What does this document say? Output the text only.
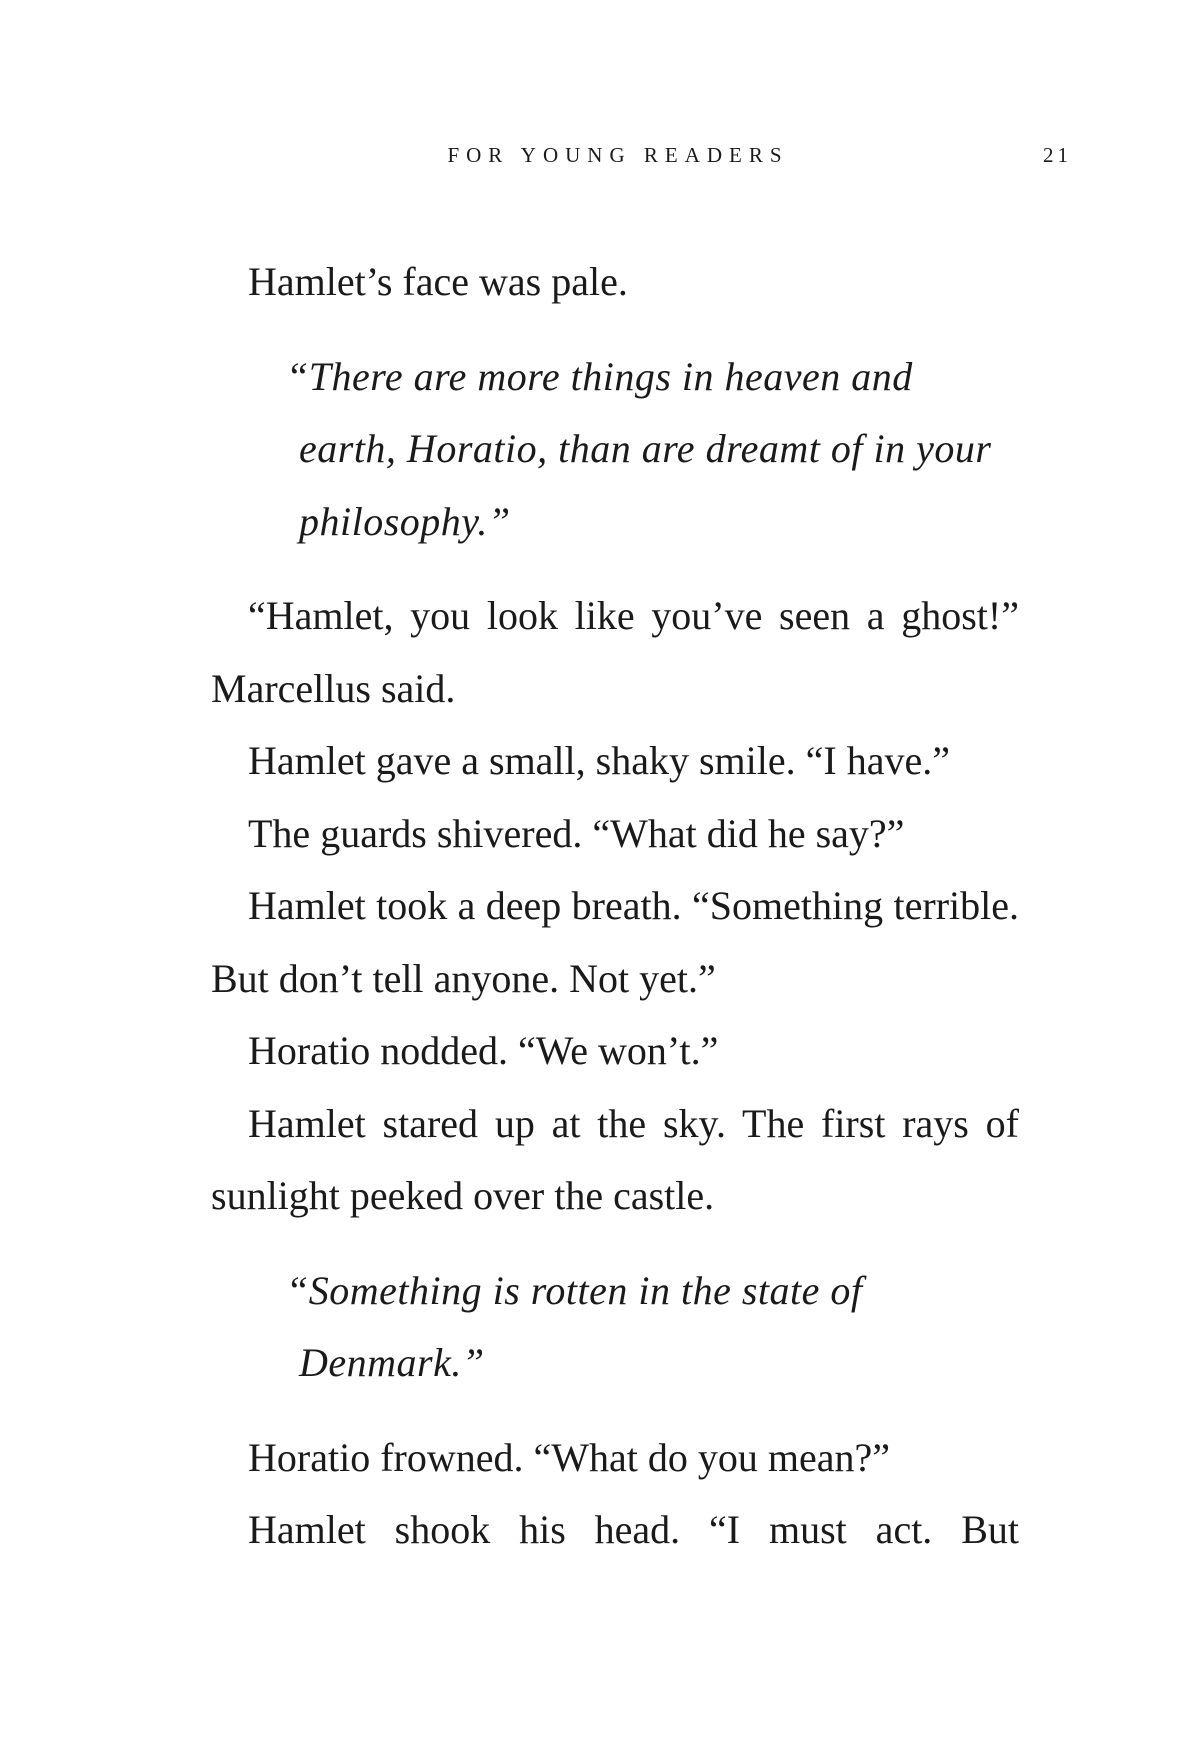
FOR YOUNG READERS	21

Hamlet’s face was pale.

“There are more things in heaven and earth, Horatio, than are dreamt of in your philosophy.”

“Hamlet, you look like you’ve seen a ghost!” Marcellus said.

Hamlet gave a small, shaky smile. “I have.”

The guards shivered. “What did he say?”

Hamlet took a deep breath. “Something terrible. But don’t tell anyone. Not yet.”

Horatio nodded. “We won’t.”

Hamlet stared up at the sky. The first rays of sunlight peeked over the castle.

“Something is rotten in the state of Denmark.”

Horatio frowned. “What do you mean?”

Hamlet shook his head. “I must act. But
